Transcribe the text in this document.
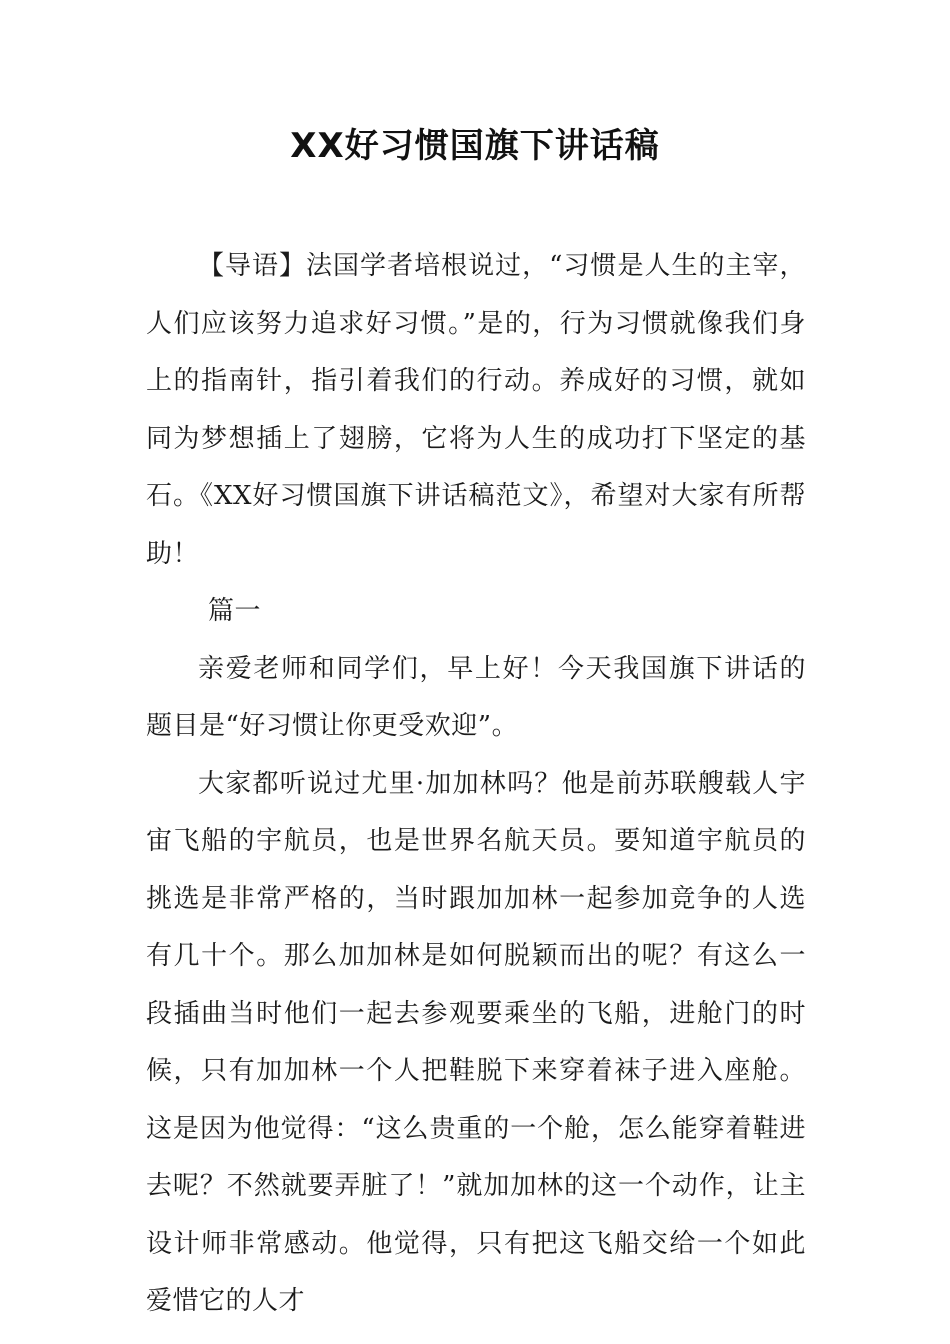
XX好习惯国旗下讲话稿

【导语】法国学者培根说过，“习惯是人生的主宰，人们应该努力追求好习惯。”是的，行为习惯就像我们身上的指南针，指引着我们的行动。养成好的习惯，就如同为梦想插上了翅膀，它将为人生的成功打下坚定的基石。《XX好习惯国旗下讲话稿范文》，希望对大家有所帮助！

篇一

亲爱老师和同学们，早上好！今天我国旗下讲话的题目是“好习惯让你更受欢迎”。

大家都听说过尤里·加加林吗？他是前苏联艘载人宇宙飞船的宇航员，也是世界名航天员。要知道宇航员的挑选是非常严格的，当时跟加加林一起参加竞争的人选有几十个。那么加加林是如何脱颖而出的呢？有这么一段插曲当时他们一起去参观要乘坐的飞船，进舱门的时候，只有加加林一个人把鞋脱下来穿着袜子进入座舱。这是因为他觉得：“这么贵重的一个舱，怎么能穿着鞋进去呢？不然就要弄脏了！”就加加林的这一个动作，让主设计师非常感动。他觉得，只有把这飞船交给一个如此爱惜它的人才
